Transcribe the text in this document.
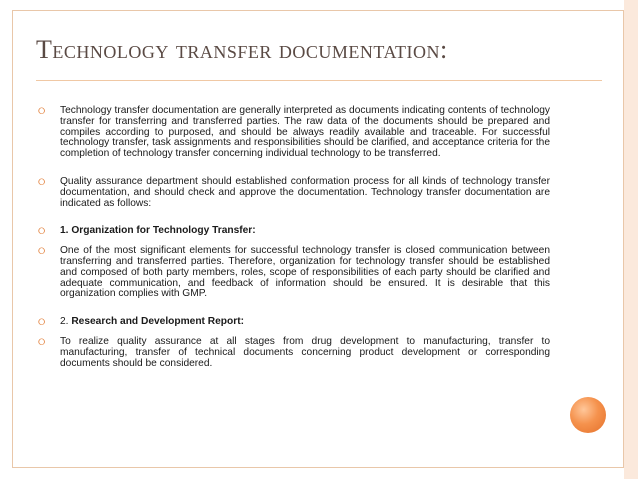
Technology transfer documentation:
⭘ Technology transfer documentation are generally interpreted as documents indicating contents of technology transfer for transferring and transferred parties. The raw data of the documents should be prepared and compiles according to purposed, and should be always readily available and traceable. For successful technology transfer, task assignments and responsibilities should be clarified, and acceptance criteria for the completion of technology transfer concerning individual technology to be transferred.
⭘ Quality assurance department should established conformation process for all kinds of technology transfer documentation, and should check and approve the documentation. Technology transfer documentation are indicated as follows:
⭘ 1. Organization for Technology Transfer:
⭘ One of the most significant elements for successful technology transfer is closed communication between transferring and transferred parties. Therefore, organization for technology transfer should be established and composed of both party members, roles, scope of responsibilities of each party should be clarified and adequate communication, and feedback of information should be ensured. It is desirable that this organization complies with GMP.
⭘ 2. Research and Development Report:
⭘ To realize quality assurance at all stages from drug development to manufacturing, transfer to manufacturing, transfer of technical documents concerning product development or corresponding documents should be considered.
